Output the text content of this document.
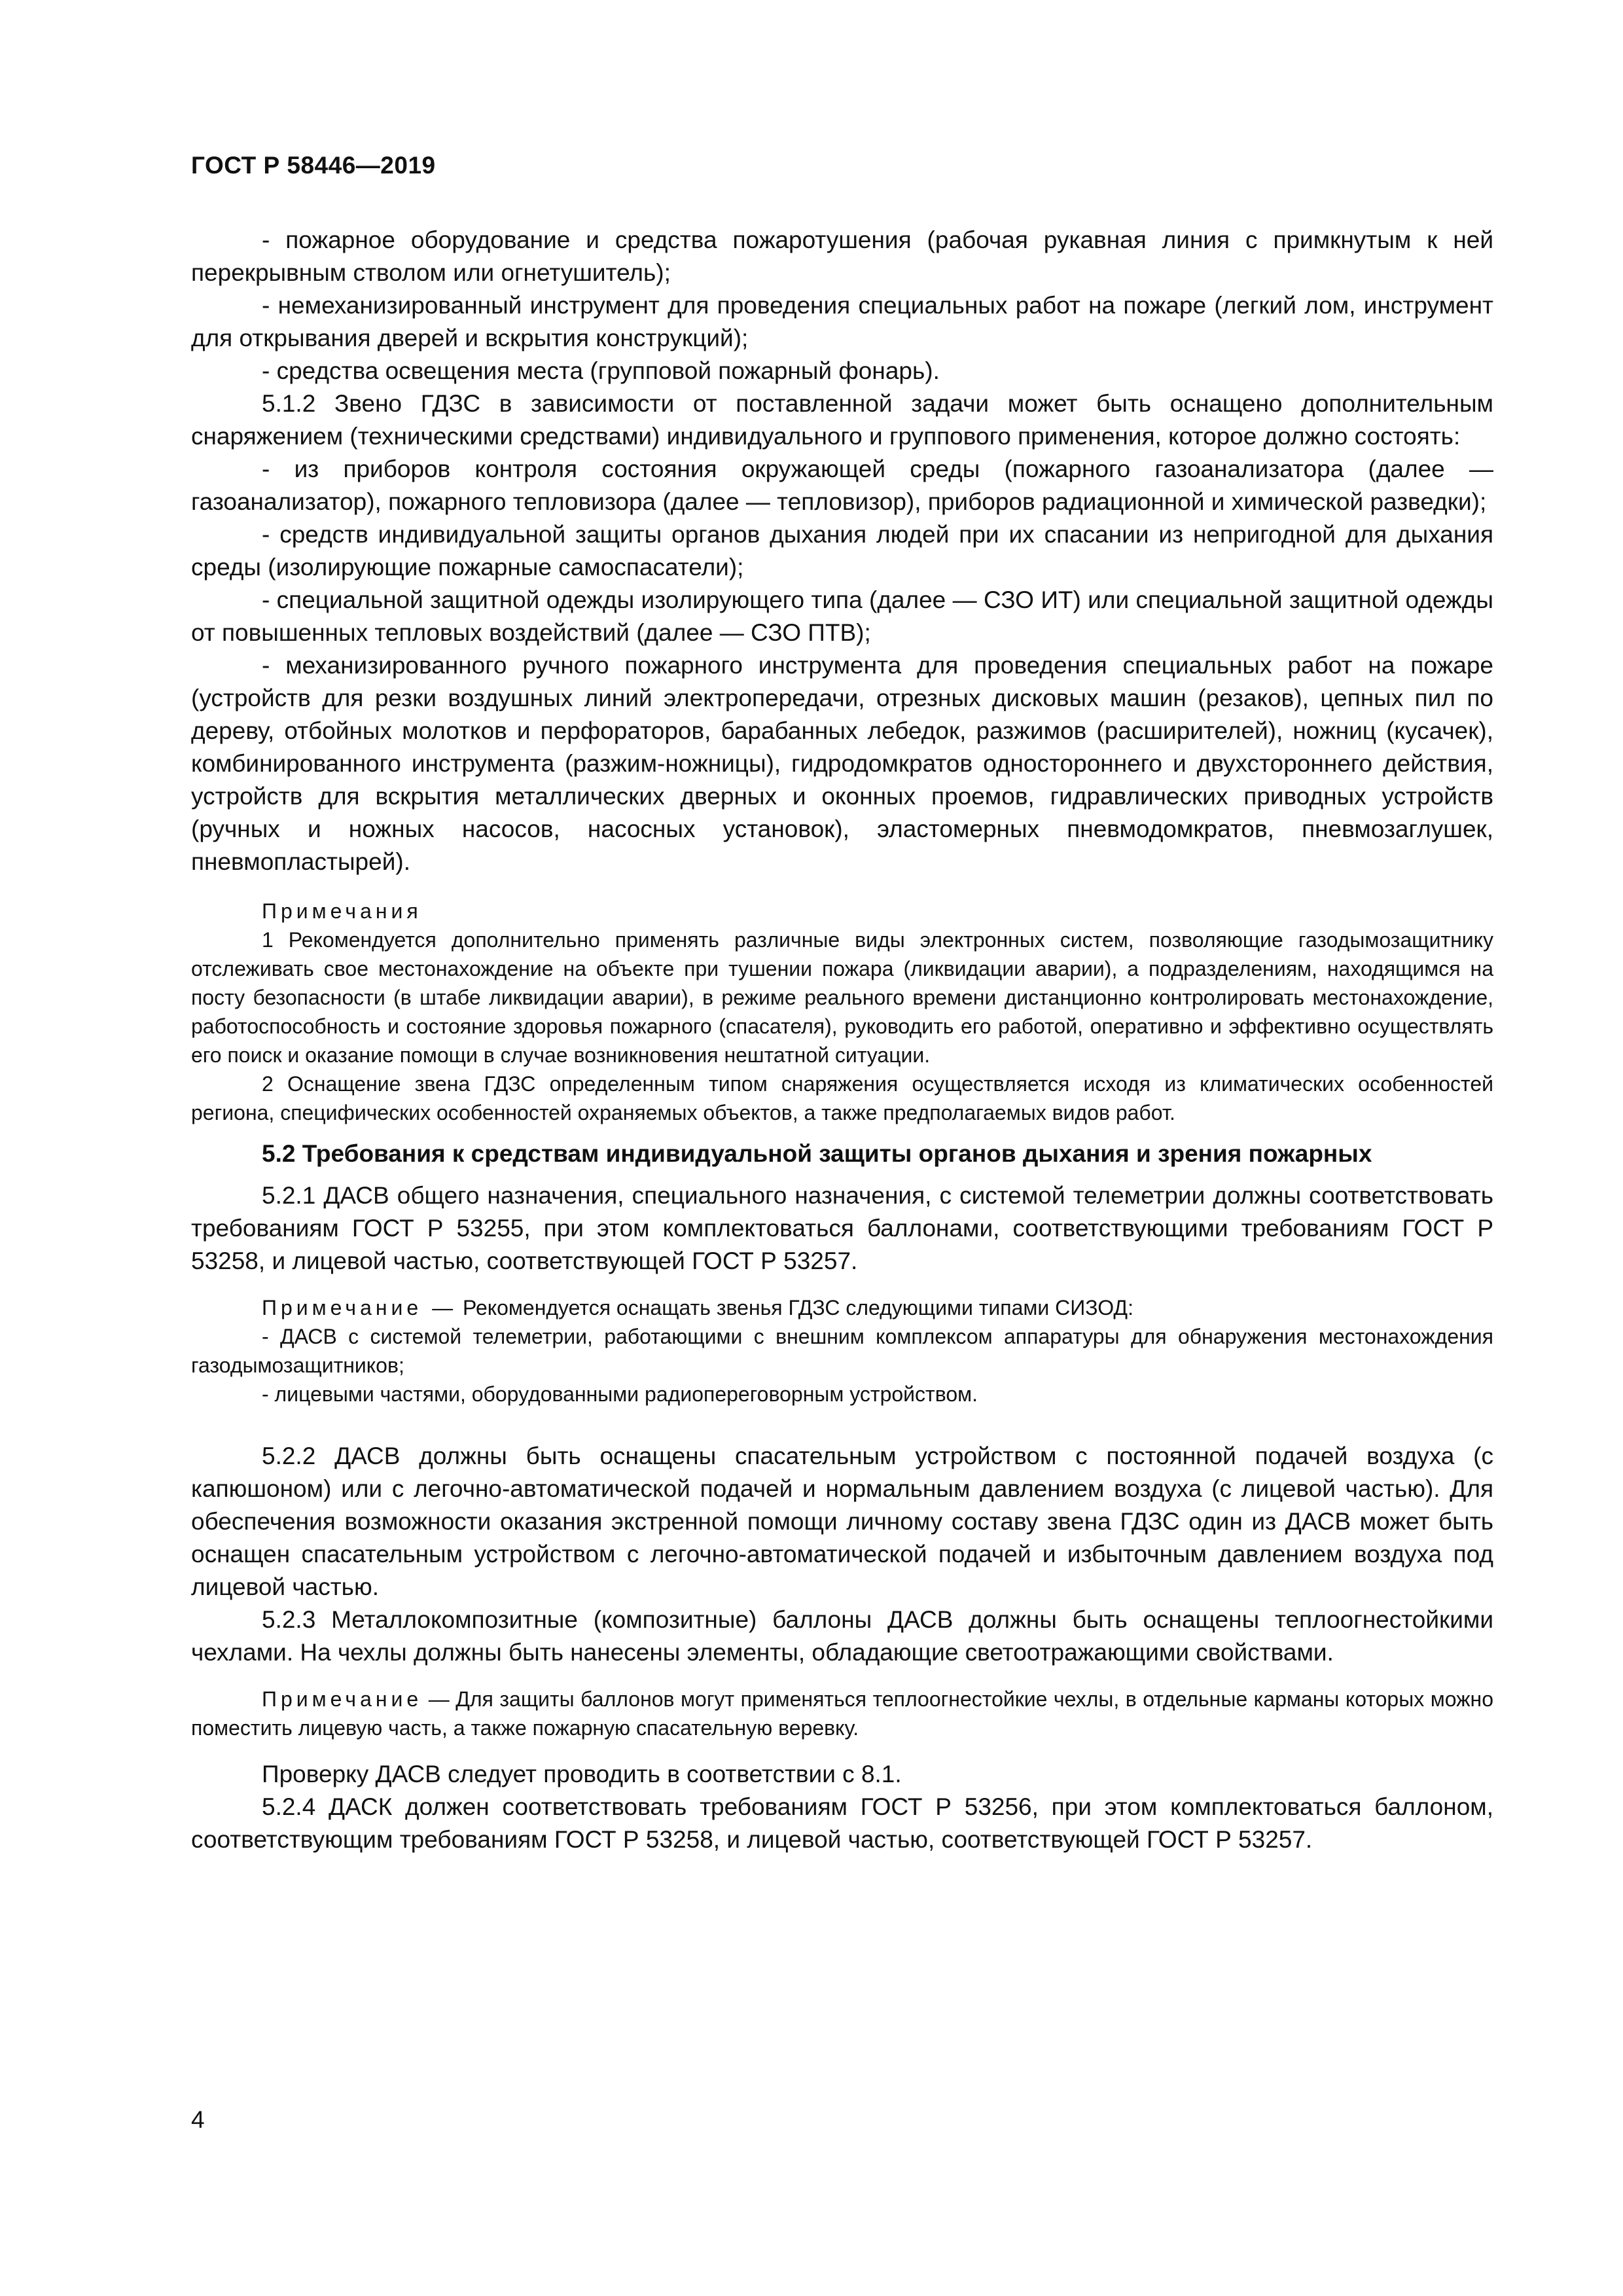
ГОСТ Р 58446—2019

- пожарное оборудование и средства пожаротушения (рабочая рукавная линия с примкнутым к ней перекрывным стволом или огнетушитель);

- немеханизированный инструмент для проведения специальных работ на пожаре (легкий лом, инструмент для открывания дверей и вскрытия конструкций);

- средства освещения места (групповой пожарный фонарь).

5.1.2 Звено ГДЗС в зависимости от поставленной задачи может быть оснащено дополнительным снаряжением (техническими средствами) индивидуального и группового применения, которое должно состоять:

- из приборов контроля состояния окружающей среды (пожарного газоанализатора (далее — газоанализатор), пожарного тепловизора (далее — тепловизор), приборов радиационной и химической разведки);

- средств индивидуальной защиты органов дыхания людей при их спасании из непригодной для дыхания среды (изолирующие пожарные самоспасатели);

- специальной защитной одежды изолирующего типа (далее — СЗО ИТ) или специальной защитной одежды от повышенных тепловых воздействий (далее — СЗО ПТВ);

- механизированного ручного пожарного инструмента для проведения специальных работ на пожаре (устройств для резки воздушных линий электропередачи, отрезных дисковых машин (резаков), цепных пил по дереву, отбойных молотков и перфораторов, барабанных лебедок, разжимов (расширителей), ножниц (кусачек), комбинированного инструмента (разжим-ножницы), гидродомкратов одностороннего и двухстороннего действия, устройств для вскрытия металлических дверных и оконных проемов, гидравлических приводных устройств (ручных и ножных насосов, насосных установок), эластомерных пневмодомкратов, пневмозаглушек, пневмопластырей).

Примечания

1 Рекомендуется дополнительно применять различные виды электронных систем, позволяющие газодымозащитнику отслеживать свое местонахождение на объекте при тушении пожара (ликвидации аварии), а подразделениям, находящимся на посту безопасности (в штабе ликвидации аварии), в режиме реального времени дистанционно контролировать местонахождение, работоспособность и состояние здоровья пожарного (спасателя), руководить его работой, оперативно и эффективно осуществлять его поиск и оказание помощи в случае возникновения нештатной ситуации.

2 Оснащение звена ГДЗС определенным типом снаряжения осуществляется исходя из климатических особенностей региона, специфических особенностей охраняемых объектов, а также предполагаемых видов работ.

5.2 Требования к средствам индивидуальной защиты органов дыхания и зрения пожарных

5.2.1 ДАСВ общего назначения, специального назначения, с системой телеметрии должны соответствовать требованиям ГОСТ Р 53255, при этом комплектоваться баллонами, соответствующими требованиям ГОСТ Р 53258, и лицевой частью, соответствующей ГОСТ Р 53257.

Примечание — Рекомендуется оснащать звенья ГДЗС следующими типами СИЗОД:

- ДАСВ с системой телеметрии, работающими с внешним комплексом аппаратуры для обнаружения местонахождения газодымозащитников;

- лицевыми частями, оборудованными радиопереговорным устройством.

5.2.2 ДАСВ должны быть оснащены спасательным устройством с постоянной подачей воздуха (с капюшоном) или с легочно-автоматической подачей и нормальным давлением воздуха (с лицевой частью). Для обеспечения возможности оказания экстренной помощи личному составу звена ГДЗС один из ДАСВ может быть оснащен спасательным устройством с легочно-автоматической подачей и избыточным давлением воздуха под лицевой частью.

5.2.3 Металлокомпозитные (композитные) баллоны ДАСВ должны быть оснащены теплоогнестойкими чехлами. На чехлы должны быть нанесены элементы, обладающие светоотражающими свойствами.

Примечание — Для защиты баллонов могут применяться теплоогнестойкие чехлы, в отдельные карманы которых можно поместить лицевую часть, а также пожарную спасательную веревку.

Проверку ДАСВ следует проводить в соответствии с 8.1.

5.2.4 ДАСК должен соответствовать требованиям ГОСТ Р 53256, при этом комплектоваться баллоном, соответствующим требованиям ГОСТ Р 53258, и лицевой частью, соответствующей ГОСТ Р 53257.

4
